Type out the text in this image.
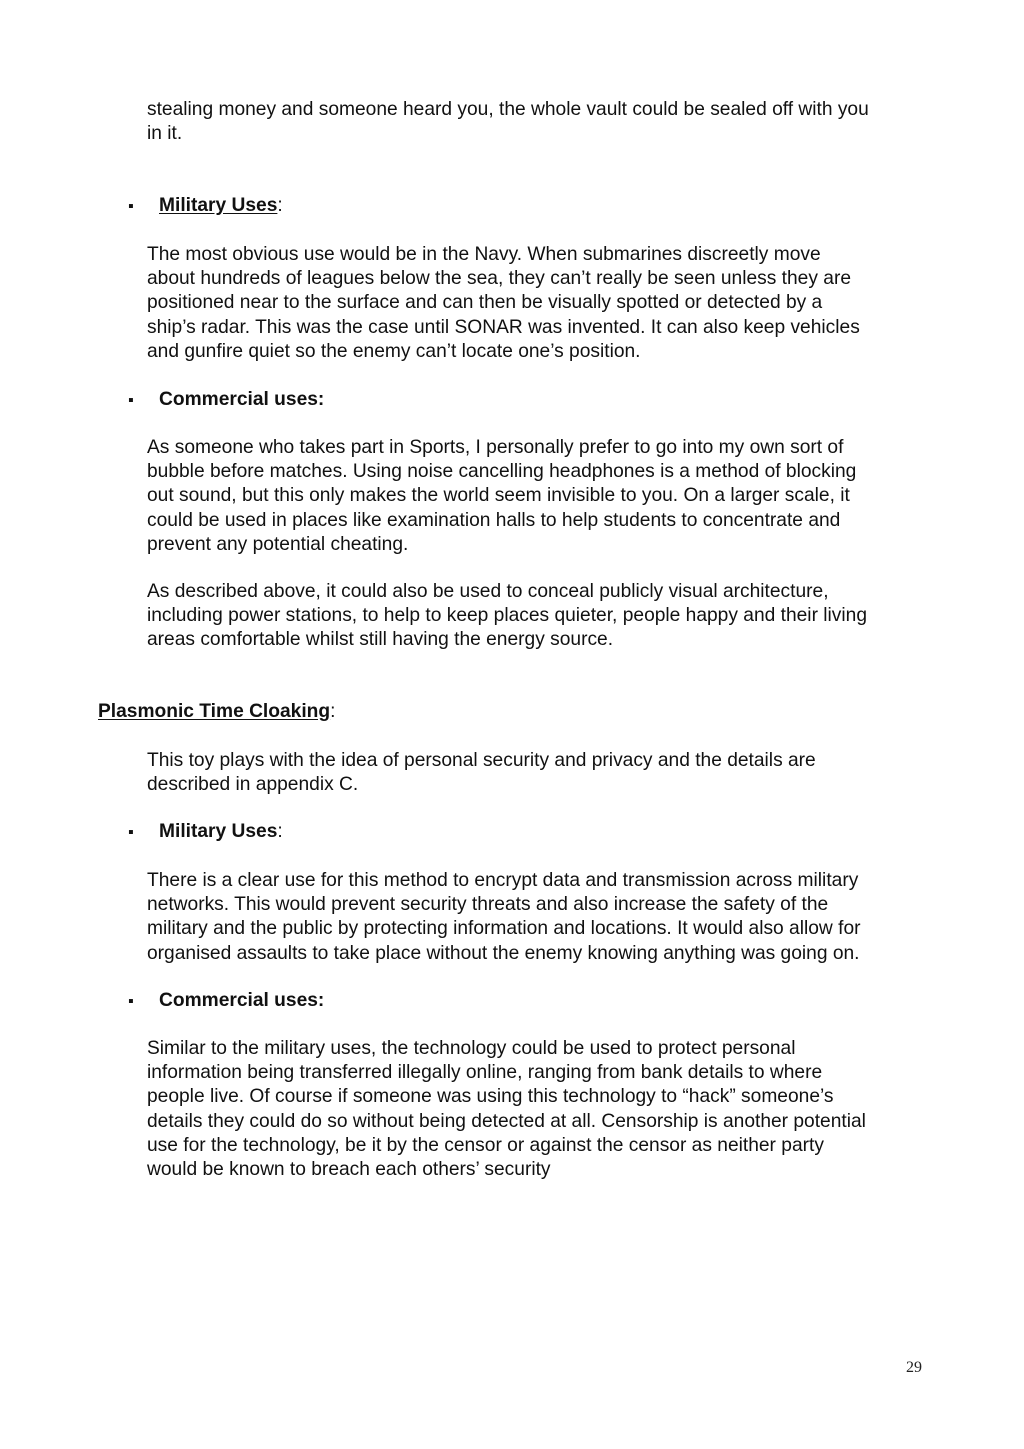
stealing money and someone heard you, the whole vault could be sealed off with you
in it.

▪ Military Uses:

The most obvious use would be in the Navy. When submarines discreetly move
about hundreds of leagues below the sea, they can’t really be seen unless they are
positioned near to the surface and can then be visually spotted or detected by a
ship’s radar. This was the case until SONAR was invented. It can also keep vehicles
and gunfire quiet so the enemy can’t locate one’s position.

▪ Commercial uses:

As someone who takes part in Sports, I personally prefer to go into my own sort of
bubble before matches. Using noise cancelling headphones is a method of blocking
out sound, but this only makes the world seem invisible to you. On a larger scale, it
could be used in places like examination halls to help students to concentrate and
prevent any potential cheating.

As described above, it could also be used to conceal publicly visual architecture,
including power stations, to help to keep places quieter, people happy and their living
areas comfortable whilst still having the energy source.

Plasmonic Time Cloaking:

This toy plays with the idea of personal security and privacy and the details are
described in appendix C.

▪ Military Uses:

There is a clear use for this method to encrypt data and transmission across military
networks. This would prevent security threats and also increase the safety of the
military and the public by protecting information and locations. It would also allow for
organised assaults to take place without the enemy knowing anything was going on.

▪ Commercial uses:

Similar to the military uses, the technology could be used to protect personal
information being transferred illegally online, ranging from bank details to where
people live. Of course if someone was using this technology to “hack” someone’s
details they could do so without being detected at all. Censorship is another potential
use for the technology, be it by the censor or against the censor as neither party
would be known to breach each others’ security

29
